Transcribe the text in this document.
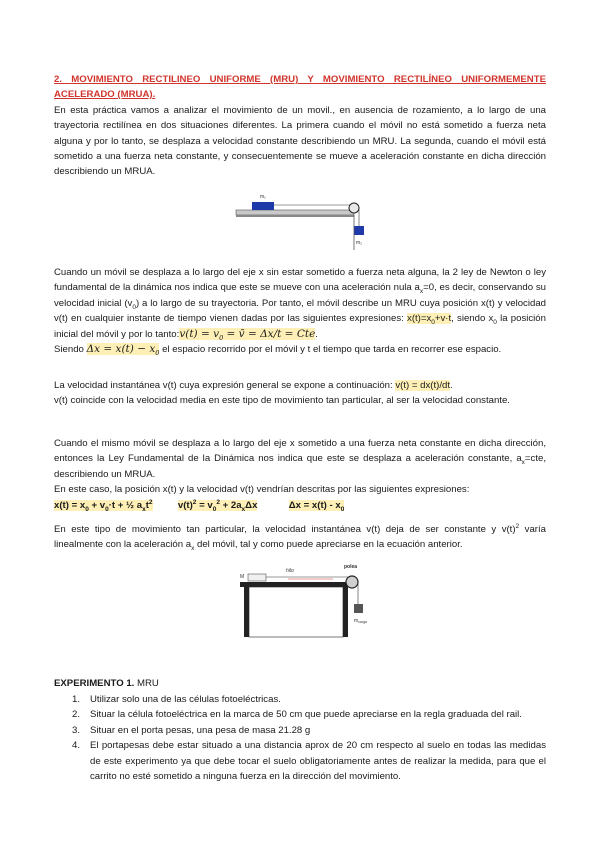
2. MOVIMIENTO RECTILINEO UNIFORME (MRU) Y MOVIMIENTO RECTILÍNEO UNIFORMEMENTE ACELERADO (MRUA).
En esta práctica vamos a analizar el movimiento de un movil., en ausencia de rozamiento, a lo largo de una trayectoria rectilínea en dos situaciones diferentes. La primera cuando el móvil no está sometido a fuerza neta alguna y por lo tanto, se desplaza a velocidad constante describiendo un MRU. La segunda, cuando el móvil está sometido a una fuerza neta constante, y consecuentemente se mueve a aceleración constante en dicha dirección describiendo un MRUA.

m₁
m₂

Cuando un móvil se desplaza a lo largo del eje x sin estar sometido a fuerza neta alguna, la 2 ley de Newton o ley fundamental de la dinámica nos indica que este se mueve con una aceleración nula $a_x=0$, es decir, conservando su velocidad inicial $(v_0)$ a lo largo de su trayectoria. Por tanto, el móvil describe un MRU cuya posición x(t) y velocidad v(t) en cualquier instante de tiempo vienen dadas por las siguientes expresiones: $x(t)=x_0+v\cdot t$, siendo $x_0$ la posición inicial del móvil y por lo tanto:v(t) = $v_0$ = v̄ = Δx/t = Cte.
Siendo $\Delta x = x(t) - x_0$ el espacio recorrido por el móvil y t el tiempo que tarda en recorrer ese espacio.

La velocidad instantánea v(t) cuya expresión general se expone a continuación: v(t) = dx(t)/dt.
v(t) coincide con la velocidad media en este tipo de movimiento tan particular, al ser la velocidad constante.

Cuando el mismo móvil se desplaza a lo largo del eje x sometido a una fuerza neta constante en dicha dirección, entonces la Ley Fundamental de la Dinámica nos indica que este se desplaza a aceleración constante, $a_x=cte$, describiendo un MRUA.
En este caso, la posición x(t) y la velocidad v(t) vendrían descritas por las siguientes expresiones:
$x(t) = x_0 + v_0\cdot t$ + ½ $a_xt^2$	$v(t)^2 = v_0^2 + 2a_x\Delta x$	$\Delta x = x(t) - x_0$

En este tipo de movimiento tan particular, la velocidad instantánea v(t) deja de ser constante y $v(t)^2$ varía linealmente con la aceleración $a_x$ del móvil, tal y como puede apreciarse en la ecuación anterior.

M
hilo
polea
$m_{carga}$

EXPERIMENTO 1. MRU

1. Utilizar solo una de las células fotoeléctricas.
2. Situar la célula fotoeléctrica en la marca de 50 cm que puede apreciarse en la regla graduada del rail.
3. Situar en el porta pesas, una pesa de masa 21.28 g
4. El portapesas debe estar situado a una distancia aprox de 20 cm respecto al suelo en todas las medidas de este experimento ya que debe tocar el suelo obligatoriamente antes de realizar la medida, para que el carrito no esté sometido a ninguna fuerza en la dirección del movimiento.
